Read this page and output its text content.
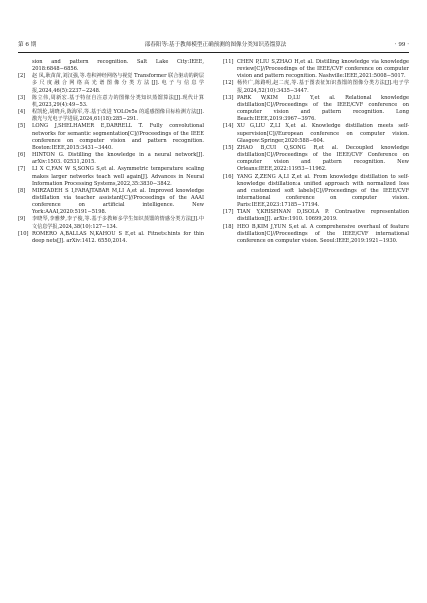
第 6 期	邵春阳等:基于教师模型正确预测的图像分类知识蒸馏算法	· 99 ·
sion and pattern recognition. Salt Lake City:IEEE, 2018:6848−6856.
[2]	赵 凤,耿苗苗,刘汉强,等.卷积神经网络与视觉 Transformer 联合驱动的跨层多尺度融合网络高光谱图像分类方法[J].电子与信息学报,2024,46(5):2237−2248.
[3]	陈立伟,周新宏.基于特征自注意力的图像分类知识蒸馏算法[J].现代计算机,2023,29(4):49−53.
[4]	程凯伦,胡晓兵,陈海军,等.基于改进 YOLOv5s 的遥感图像目标检测方法[J].激光与光电子学进展,2024,61(18):285−291.
[5]	LONG J,SHELHAMER E,DARRELL T. Fully convolutional networks for semantic segmentation[C]//Proceedings of the IEEE conference on computer vision and pattern recognition. Boston:IEEE,2015:3431−3440.
[6]	HINTON G. Distilling the knowledge in a neural network[J]. arXiv:1503. 02531,2015.
[7]	LI X C,FAN W S,SONG S,et al. Asymmetric temperature scaling makes larger networks teach well again[J]. Advances in Neural Information Processing Systems,2022,35:3830−3842.
[8]	MIRZADEH S I,FARAJTABAR M,LI A,et al. Improved knowledge distillation via teacher assistant[C]//Proceedings of the AAAI conference on artificial intelligence. New York:AAAI,2020:5191−5198.
[9]	李晓琴,李雅梦,李子俊,等.基于多教师多学生知识蒸馏的情感分类方法[J].中文信息学报,2024,38(10):127−134.
[10] ROMERO A,BALLAS N,KAHOU S E,et al. Fitnets:hints for thin deep nets[J]. arXiv:1412. 6550,2014.
[11] CHEN P,LIU S,ZHAO H,et al. Distilling knowledge via knowledge review[C]//Proceedings of the IEEE/CVF conference on computer vision and pattern recognition. Nashville:IEEE,2021:5008−5017.
[12] 杨传广,陈路明,赵二虎,等.基于图表征知识蒸馏的图像分类方法[J].电子学报,2024,52(10):3435−3447.
[13] PARK W,KIM D,LU Y,et al. Relational knowledge distillation[C]//Proceedings of the IEEE/CVF conference on computer vision and pattern recognition. Long Beach:IEEE,2019:3967−3976.
[14] XU G,LIU Z,LI X,et al. Knowledge distillation meets self-supervision[C]//European conference on computer vision. Glasgow:Springer,2020:588−604.
[15] ZHAO B,CUI Q,SONG R,et al. Decoupled knowledge distillation[C]//Proceedings of the IEEE/CVF Conference on computer vision and pattern recognition. New Orleans:IEEE,2022:11953−11962.
[16] YANG Z,ZENG A,LI Z,et al. From knowledge distillation to self-knowledge distillation:a unified approach with normalized loss and customized soft labels[C]//Proceedings of the IEEE/CVF international conference on computer vision. Paris:IEEE,2023:17185−17194.
[17] TIAN Y,KRISHNAN D,ISOLA P. Contrastive representation distillation[J]. arXiv:1910. 10699,2019.
[18] HEO B,KIM J,YUN S,et al. A comprehensive overhaul of feature distillation[C]//Proceedings of the IEEE/CVF international conference on computer vision. Seoul:IEEE,2019:1921−1930.
